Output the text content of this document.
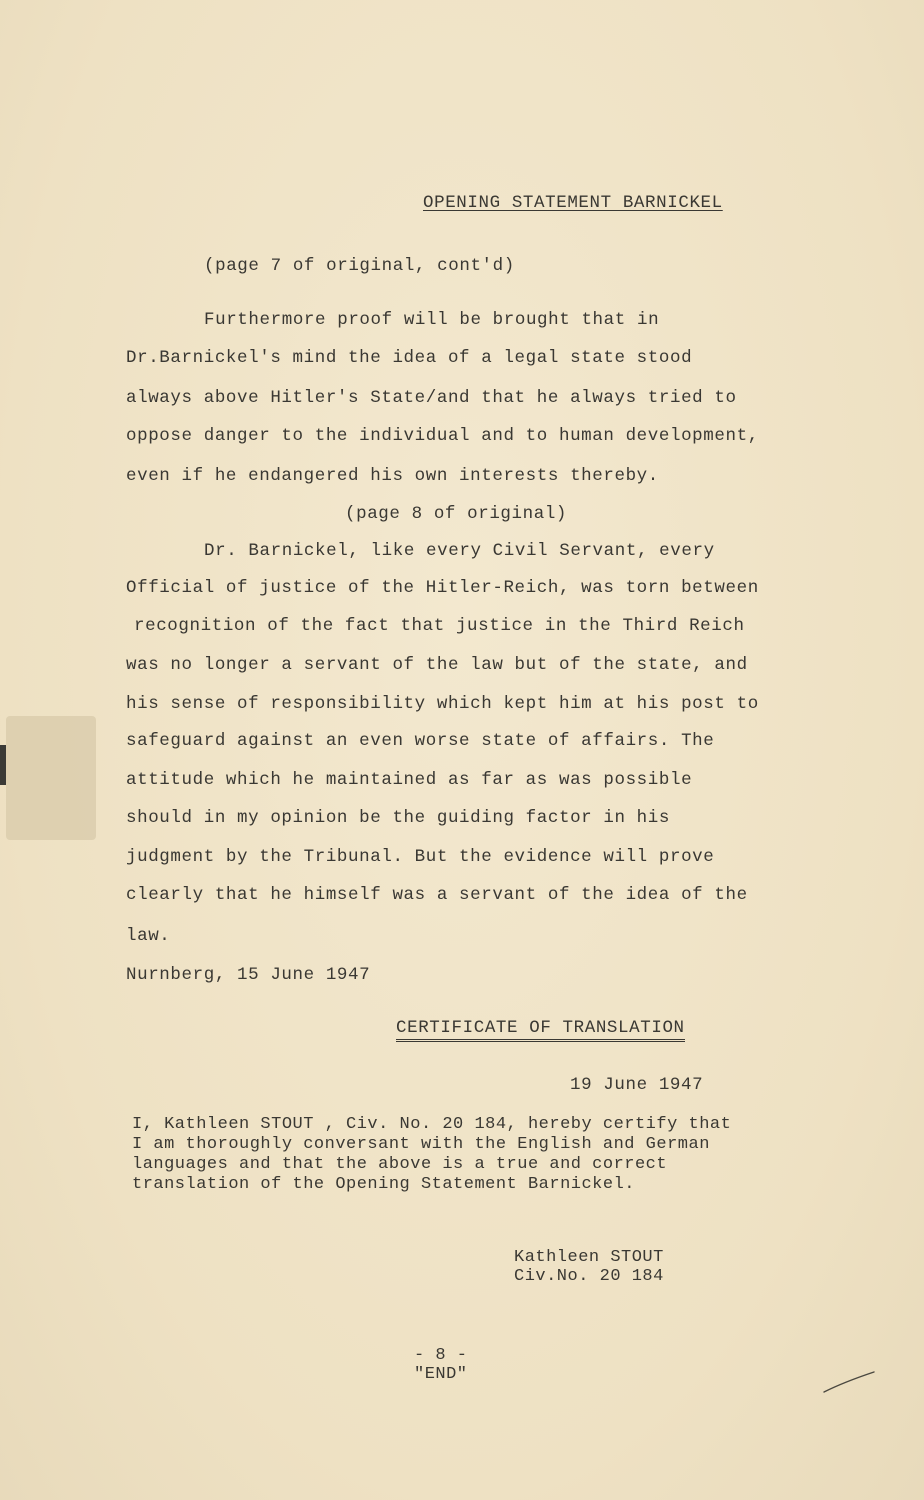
OPENING STATEMENT BARNICKEL
(page 7 of original, cont'd)
Furthermore proof will be brought that in
Dr.Barnickel's mind the idea of a legal state stood
always above Hitler's State/and that he always tried to
oppose danger to the individual and to human development,
even if he endangered his own interests thereby.
(page 8 of original)
Dr. Barnickel, like every Civil Servant, every
Official of justice of the Hitler-Reich, was torn between
recognition of the fact that justice in the Third Reich
was no longer a servant of the law but of the state, and
his sense of responsibility which kept him at his post to
safeguard against an even worse state of affairs. The
attitude which he maintained as far as was possible
should in my opinion be the guiding factor in his
judgment by the Tribunal. But the evidence will prove
clearly that he himself was a servant of the idea of the
law.
Nurnberg, 15 June 1947
CERTIFICATE OF TRANSLATION
19 June 1947
I, Kathleen STOUT , Civ. No. 20 184, hereby certify that
I am thoroughly conversant with the English and German
languages and that the above is a true and correct
translation of the Opening Statement Barnickel.
Kathleen STOUT
Civ.No. 20 184
- 8 -
"END"
